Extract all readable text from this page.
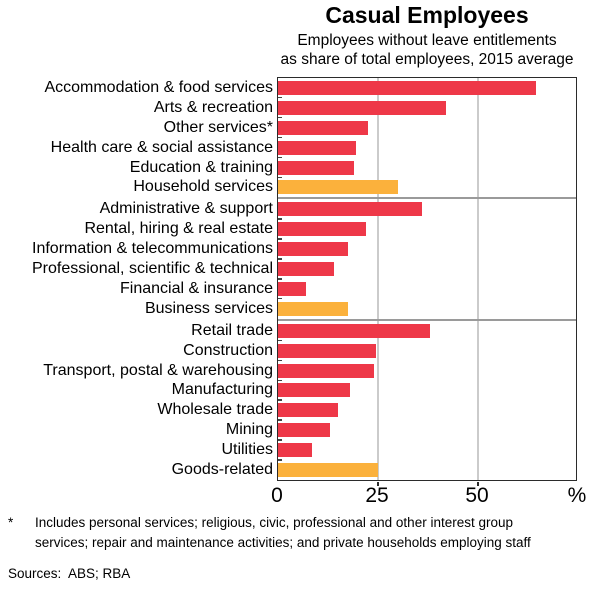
Casual Employees
Employees without leave entitlements
as share of total employees, 2015 average
Accommodation & food services
Arts & recreation
Other services*
Health care & social assistance
Education & training
Household services
Administrative & support
Rental, hiring & real estate
Information & telecommunications
Professional, scientific & technical
Financial & insurance
Business services
Retail trade
Construction
Transport, postal & warehousing
Manufacturing
Wholesale trade
Mining
Utilities
Goods-related
0	25	50	%
*	Includes personal services; religious, civic, professional and other interest group services; repair and maintenance activities; and private households employing staff
Sources:  ABS; RBA
